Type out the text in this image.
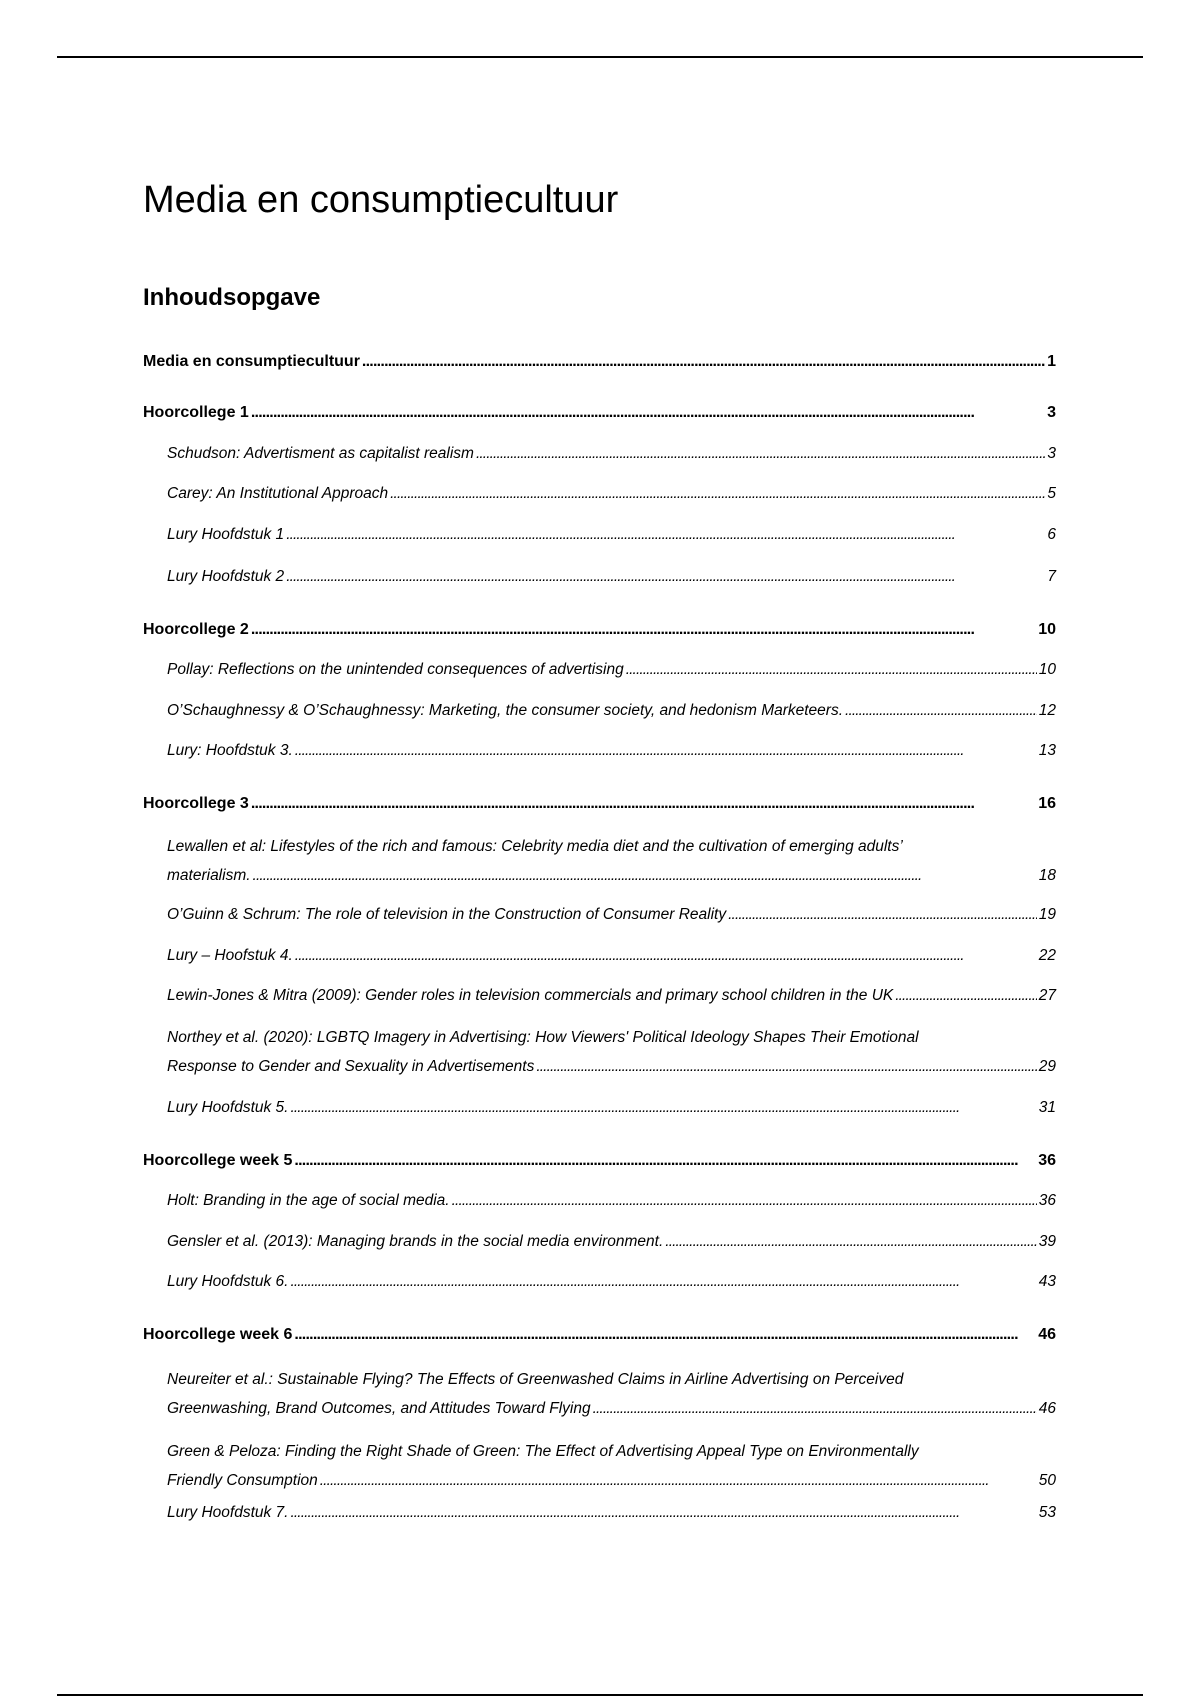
Media en consumptiecultuur
Inhoudsopgave
Media en consumptiecultuur . . .	1
Hoorcollege 1 . . .	3
Schudson: Advertisment as capitalist realism . . .	3
Carey: An Institutional Approach . . .	5
Lury Hoofdstuk 1 . . .	6
Lury Hoofdstuk 2 . . .	7
Hoorcollege 2 . . .	10
Pollay: Reflections on the unintended consequences of advertising . . .	10
O’Schaughnessy & O’Schaughnessy: Marketing, the consumer society, and hedonism Marketeers. . . .	12
Lury: Hoofdstuk 3. . . .	13
Hoorcollege 3 . . .	16
Lewallen et al: Lifestyles of the rich and famous: Celebrity media diet and the cultivation of emerging adults’
materialism. . . .	18
O’Guinn & Schrum: The role of television in the Construction of Consumer Reality . . .	19
Lury – Hoofstuk 4. . . .	22
Lewin-Jones & Mitra (2009): Gender roles in television commercials and primary school children in the UK . . .	27
Northey et al. (2020): LGBTQ Imagery in Advertising: How Viewers' Political Ideology Shapes Their Emotional
Response to Gender and Sexuality in Advertisements . . .	29
Lury Hoofdstuk 5. . . .	31
Hoorcollege week 5 . . .	36
Holt: Branding in the age of social media. . . .	36
Gensler et al. (2013): Managing brands in the social media environment. . . .	39
Lury Hoofdstuk 6. . . .	43
Hoorcollege week 6 . . .	46
Neureiter et al.: Sustainable Flying? The Effects of Greenwashed Claims in Airline Advertising on Perceived
Greenwashing, Brand Outcomes, and Attitudes Toward Flying . . .	46
Green & Peloza: Finding the Right Shade of Green: The Effect of Advertising Appeal Type on Environmentally
Friendly Consumption . . .	50
Lury Hoofdstuk 7. . . .	53
